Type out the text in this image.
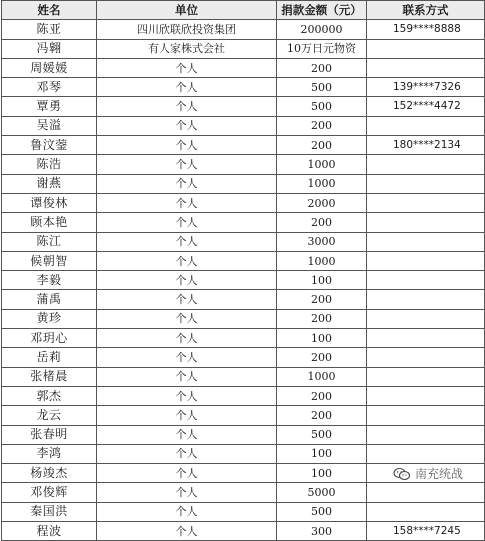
姓名	单位	捐款金额（元）	联系方式
陈亚	四川欣联欣投资集团	200000	159****8888
冯翱	有人家株式会社	10万日元物资	
周媛媛	个人	200	
邓琴	个人	500	139****7326
覃勇	个人	500	152****4472
吴溢	个人	200	
鲁汶蓥	个人	200	180****2134
陈浩	个人	1000	
谢燕	个人	1000	
谭俊林	个人	2000	
顾本艳	个人	200	
陈江	个人	3000	
候朝智	个人	1000	
李毅	个人	100	
蒲禹	个人	200	
黄珍	个人	200	
邓玥心	个人	100	
岳莉	个人	200	
张楮晨	个人	1000	
郭杰	个人	200	
龙云	个人	200	
张春明	个人	500	
李鸿	个人	100	
杨竣杰	个人	100	
邓俊辉	个人	5000	
秦国洪	个人	500	
程波	个人	300	158****7245
南充统战
